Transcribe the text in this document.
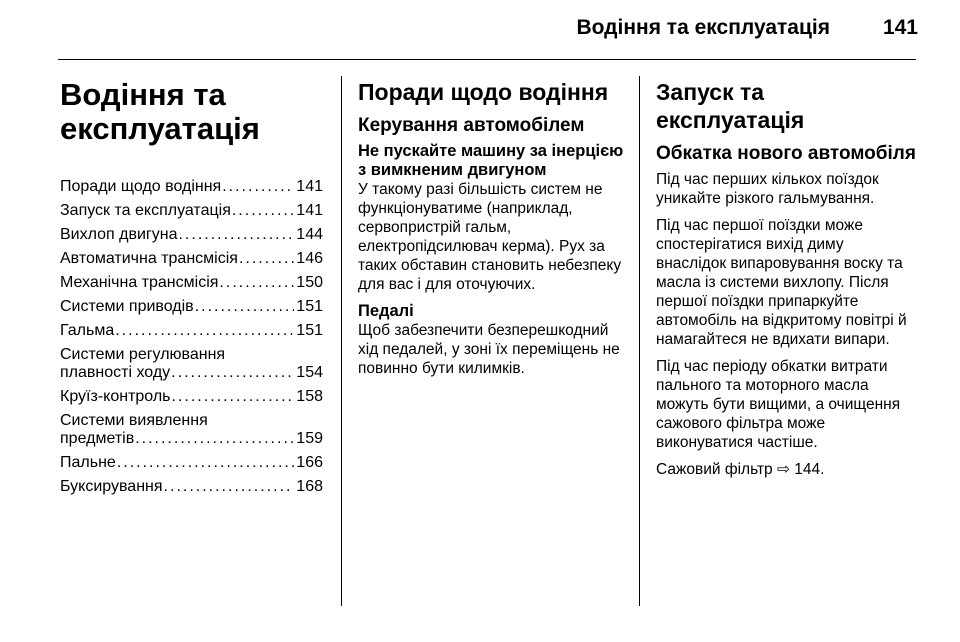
Водіння та експлуатація	141
Водіння та експлуатація
Поради щодо водіння .....	141
Запуск та експлуатація .....	141
Вихлоп двигуна .....	144
Автоматична трансмісія .....	146
Механічна трансмісія .....	150
Системи приводів .....	151
Гальма .....	151
Системи регулювання
плавності ходу .....	154
Круїз-контроль .....	158
Системи виявлення
предметів .....	159
Пальне .....	166
Буксирування .....	168
Поради щодо водіння
Керування автомобілем
Не пускайте машину за інерцією з вимкненим двигуном

У такому разі більшість систем не функціонуватиме (наприклад, сервопристрій гальм, електропідсилювач керма). Рух за таких обставин становить небезпеку для вас і для оточуючих.

Педалі

Щоб забезпечити безперешкодний хід педалей, у зоні їх переміщень не повинно бути килимків.

Запуск та експлуатація
Обкатка нового автомобіля

Під час перших кількох поїздок уникайте різкого гальмування.

Під час першої поїздки може спостерігатися вихід диму внаслідок випаровування воску та масла із системи вихлопу. Після першої поїздки припаркуйте автомобіль на відкритому повітрі й намагайтеся не вдихати випари.

Під час періоду обкатки витрати пального та моторного масла можуть бути вищими, а очищення сажового фільтра може виконуватися частіше.

Сажовий фільтр ⇨ 144.
